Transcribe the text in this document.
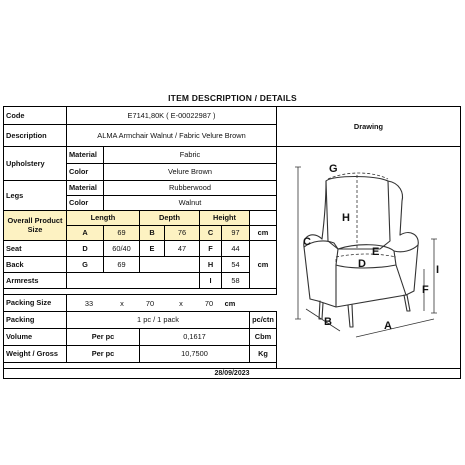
ITEM DESCRIPTION / DETAILS
Code	E7141,80K ( E-00022987 )
Drawing
Description	ALMA Armchair Walnut / Fabric Velure Brown
Upholstery
Material	Fabric
Color	Velure Brown
Legs
Material	Rubberwood
Color	Walnut
Overall Product Size
Length	Depth	Height
A	69	B	76	C	97	cm
Seat	D	60/40	E	47	F	44
Back	G	69	H	54	cm
Armrests	I	58
Packing Size	33	x	70	x	70	cm
Packing	1 pc / 1 pack	pc/ctn
Volume	Per pc	0,1617	Cbm
Weight / Gross	Per pc	10,7500	Kg
28/09/2023
G
H
C
E
D	I
F
B	A
